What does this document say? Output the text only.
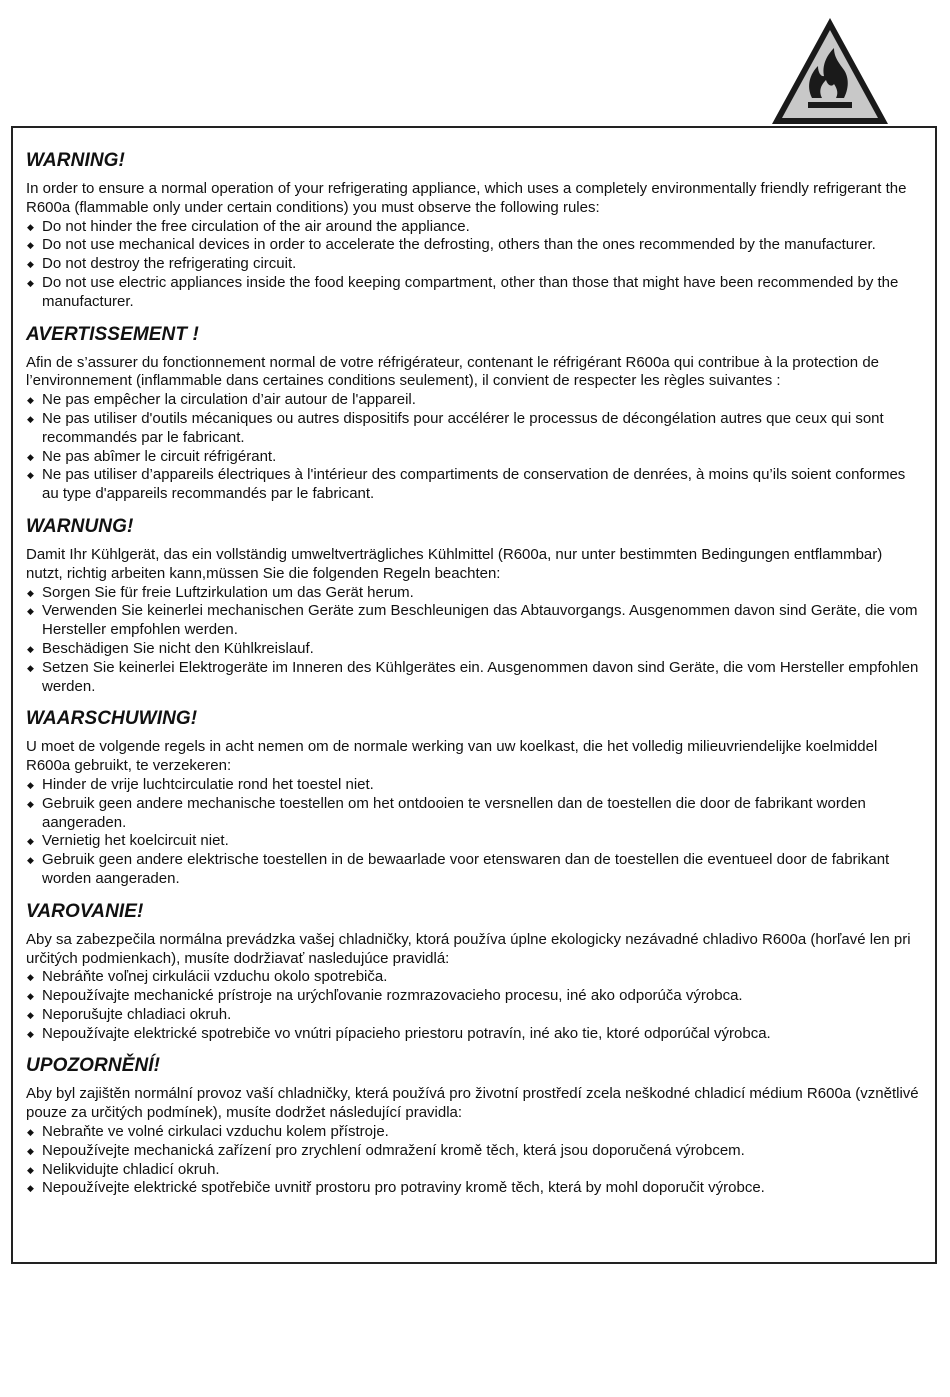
WARNING!

In order to ensure a normal operation of your refrigerating appliance, which uses a completely environmentally friendly refrigerant the R600a (flammable only under certain conditions) you must observe the following rules:

◆ Do not hinder the free circulation of the air around the appliance.
◆ Do not use mechanical devices in order to accelerate the defrosting, others than the ones recommended by the manufacturer.
◆ Do not destroy the refrigerating circuit.
◆ Do not use electric appliances inside the food keeping compartment, other than those that might have been recommended by the manufacturer.
AVERTISSEMENT !

Afin de s’assurer du fonctionnement normal de votre réfrigérateur, contenant le réfrigérant R600a qui contribue à la protection de l’environnement (inflammable dans certaines conditions seulement), il convient de respecter les règles suivantes :

◆ Ne pas empêcher la circulation d’air autour de l'appareil.
◆ Ne pas utiliser d'outils mécaniques ou autres dispositifs pour accélérer le processus de décongélation autres que ceux qui sont recommandés par le fabricant.
◆ Ne pas abîmer le circuit réfrigérant.
◆ Ne pas utiliser d’appareils électriques à l'intérieur des compartiments de conservation de denrées, à moins qu’ils soient conformes au type d'appareils recommandés par le fabricant.
WARNUNG!

Damit Ihr Kühlgerät, das ein vollständig umweltverträgliches Kühlmittel (R600a, nur unter bestimmten Bedingungen entflammbar) nutzt, richtig arbeiten kann,müssen Sie die folgenden Regeln beachten:

◆ Sorgen Sie für freie Luftzirkulation um das Gerät herum.
◆ Verwenden Sie keinerlei mechanischen Geräte zum Beschleunigen das Abtauvorgangs. Ausgenommen davon sind Geräte, die vom Hersteller empfohlen werden.
◆ Beschädigen Sie nicht den Kühlkreislauf.
◆ Setzen Sie keinerlei Elektrogeräte im Inneren des Kühlgerätes ein. Ausgenommen davon sind Geräte, die vom Hersteller empfohlen werden.
WAARSCHUWING!

U moet de volgende regels in acht nemen om de normale werking van uw koelkast, die het volledig milieuvriendelijke koelmiddel R600a gebruikt, te verzekeren:

◆ Hinder de vrije luchtcirculatie rond het toestel niet.
◆ Gebruik geen andere mechanische toestellen om het ontdooien te versnellen dan de toestellen die door de fabrikant worden aangeraden.
◆ Vernietig het koelcircuit niet.
◆ Gebruik geen andere elektrische toestellen in de bewaarlade voor etenswaren dan de toestellen die eventueel door de fabrikant worden aangeraden.
VAROVANIE!

Aby sa zabezpečila normálna prevádzka vašej chladničky, ktorá používa úplne ekologicky nezávadné chladivo R600a (horľavé len pri určitých podmienkach), musíte dodržiavať nasledujúce pravidlá:

◆ Nebráňte voľnej cirkulácii vzduchu okolo spotrebiča.
◆ Nepoužívajte mechanické prístroje na urýchľovanie rozmrazovacieho procesu, iné ako odporúča výrobca.
◆ Neporušujte chladiaci okruh.
◆ Nepoužívajte elektrické spotrebiče vo vnútri pípacieho priestoru potravín, iné ako tie, ktoré odporúčal výrobca.
UPOZORNĚNÍ!

Aby byl zajištěn normální provoz vaší chladničky, která používá pro životní prostředí zcela neškodné chladicí médium R600a (vznětlivé pouze za určitých podmínek), musíte dodržet následující pravidla:

◆ Nebraňte ve volné cirkulaci vzduchu kolem přístroje.
◆ Nepoužívejte mechanická zařízení pro zrychlení odmražení kromě těch, která jsou doporučená výrobcem.
◆ Nelikvidujte chladicí okruh.
◆ Nepoužívejte elektrické spotřebiče uvnitř prostoru pro potraviny kromě těch, která by mohl doporučit výrobce.
